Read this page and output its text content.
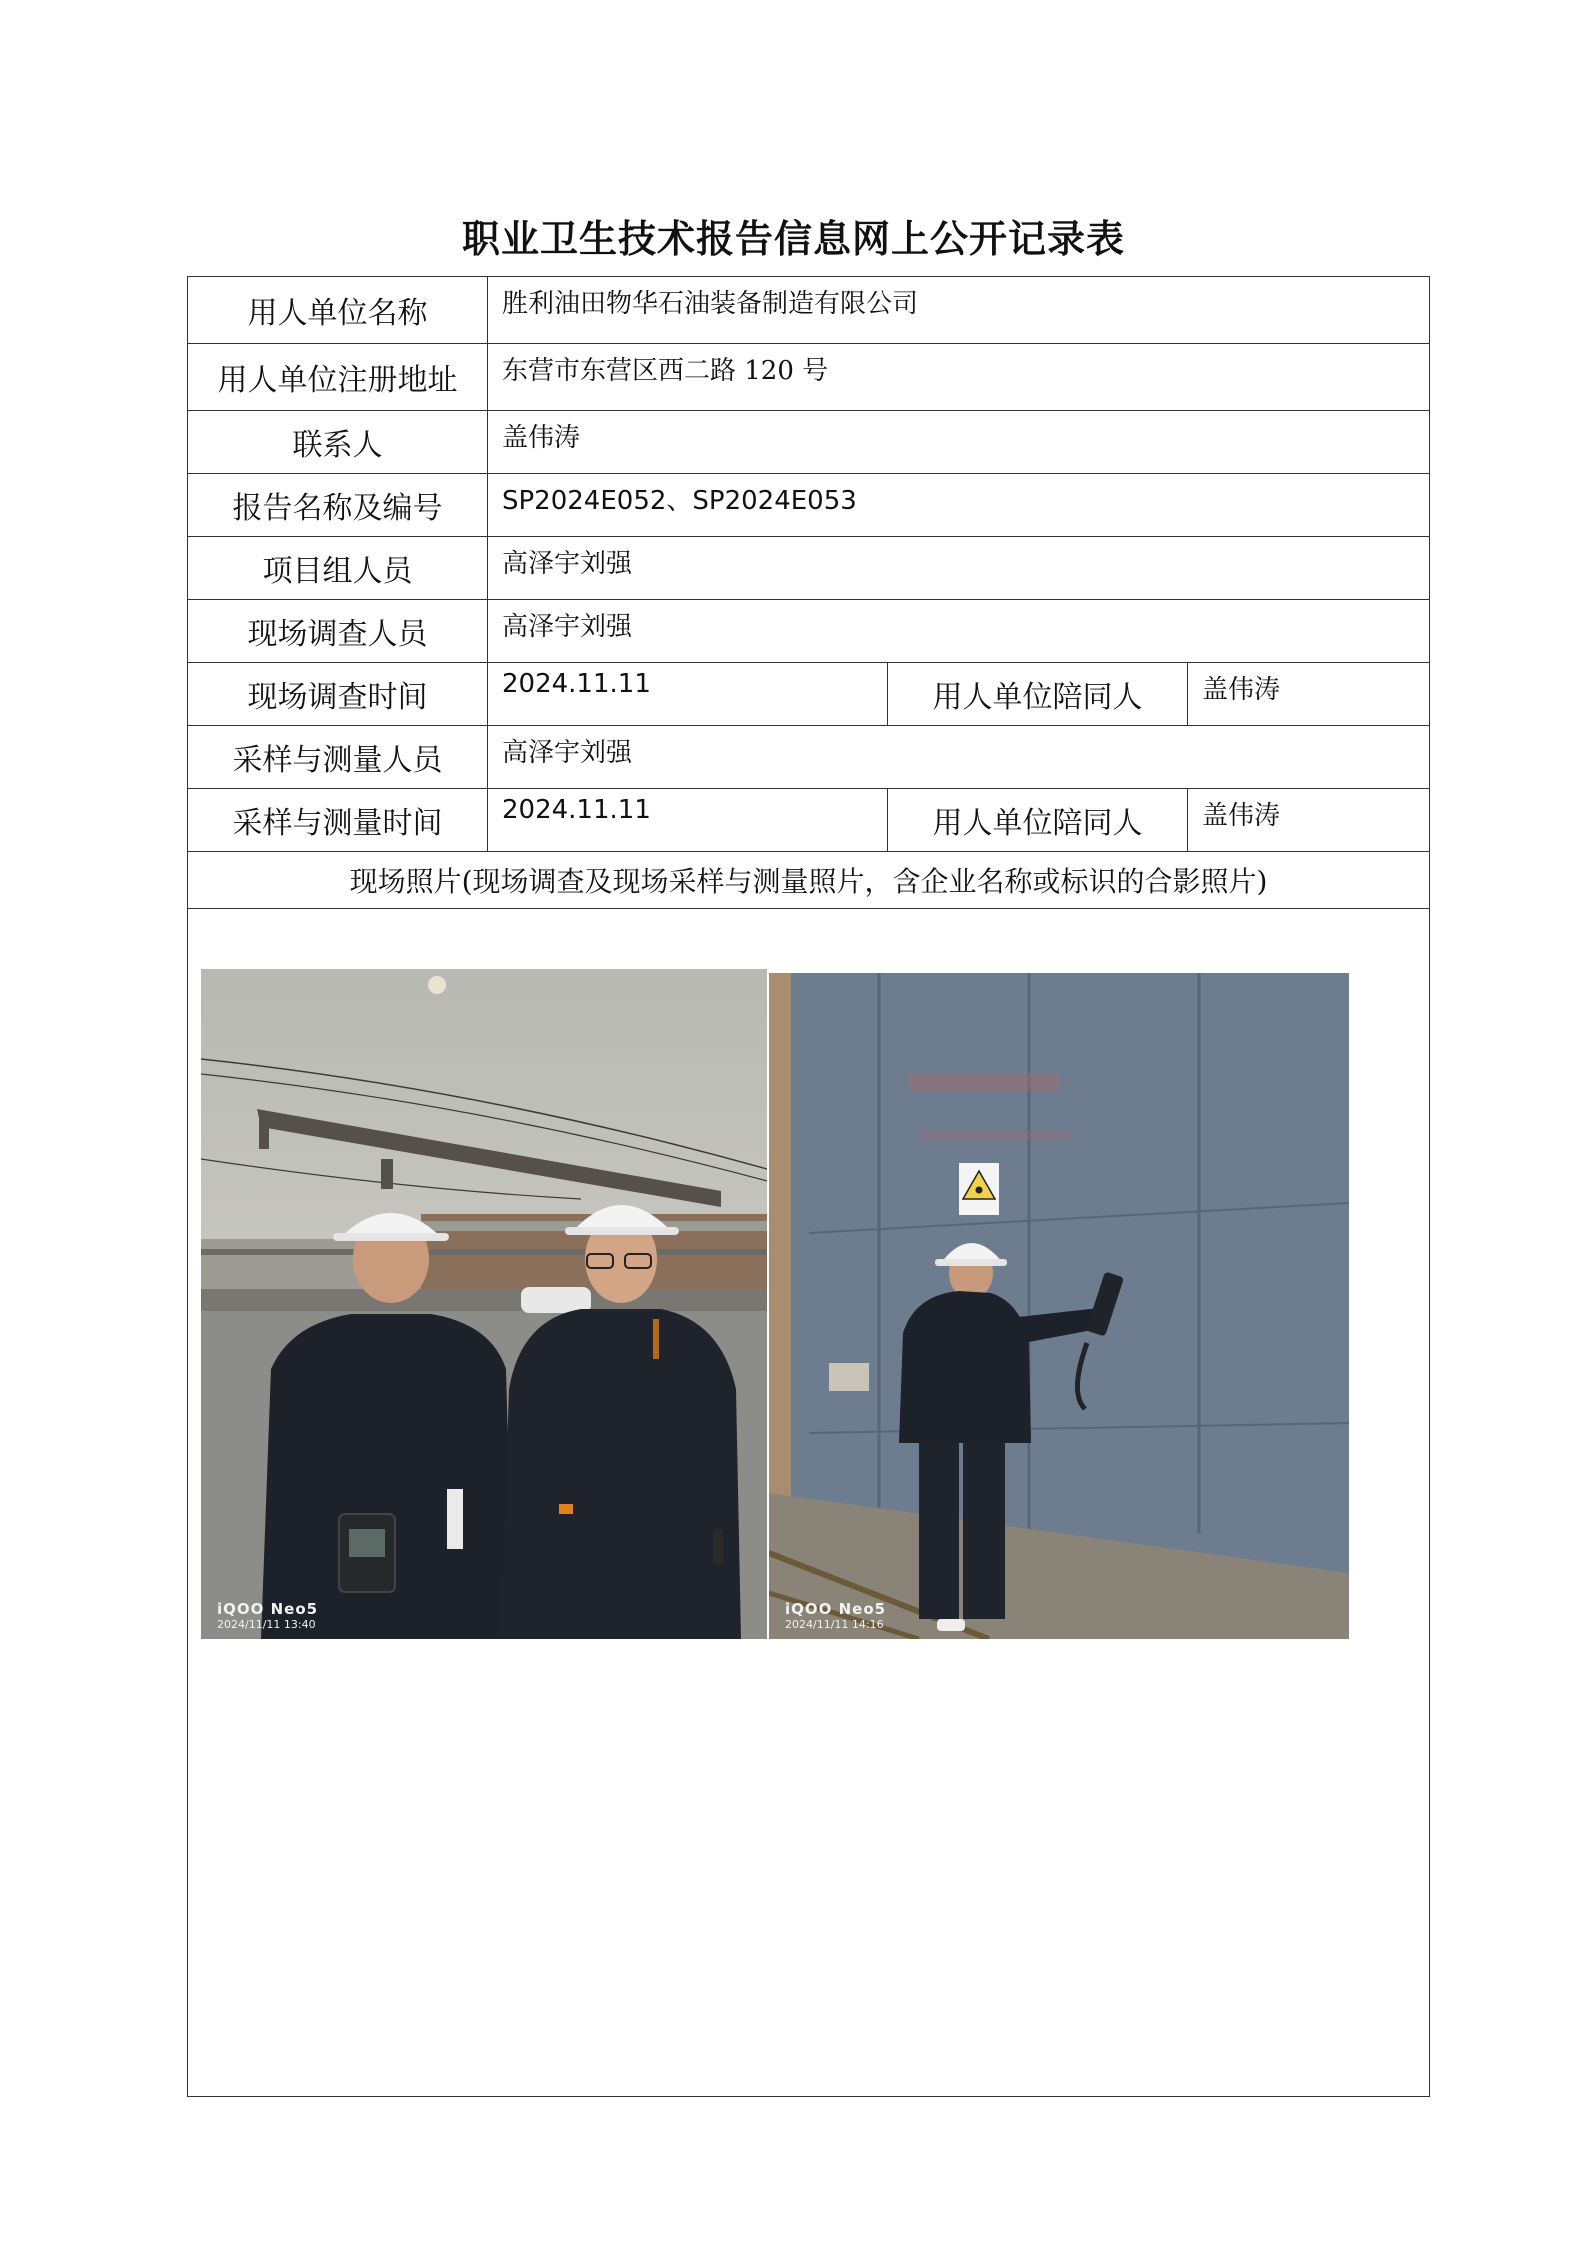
职业卫生技术报告信息网上公开记录表
用人单位名称	胜利油田物华石油装备制造有限公司		
用人单位注册地址	东营市东营区西二路 120 号		
联系人	盖伟涛		
报告名称及编号	SP2024E052、SP2024E053		
项目组人员	高泽宇刘强		
现场调查人员	高泽宇刘强		
现场调查时间	2024.11.11	用人单位陪同人	盖伟涛
采样与测量人员	高泽宇刘强		
采样与测量时间	2024.11.11	用人单位陪同人	盖伟涛
现场照片(现场调查及现场采样与测量照片，含企业名称或标识的合影照片)			

iQOO Neo5
2024/11/11 13:40
iQOO Neo5
2024/11/11 14:16			
